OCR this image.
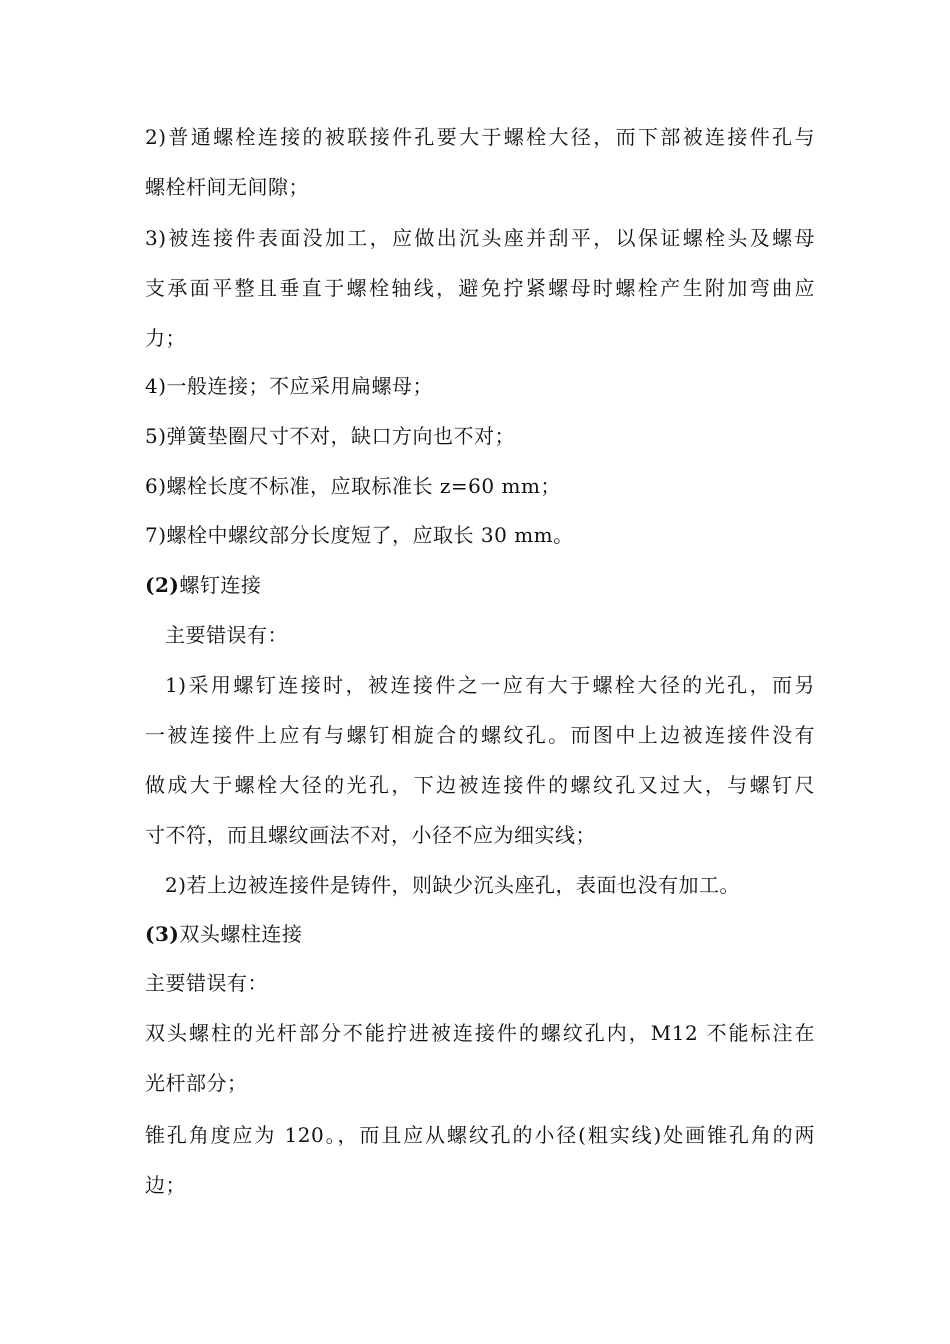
2)普通螺栓连接的被联接件孔要大于螺栓大径，而下部被连接件孔与
螺栓杆间无间隙；
3)被连接件表面没加工，应做出沉头座并刮平，以保证螺栓头及螺母
支承面平整且垂直于螺栓轴线，避免拧紧螺母时螺栓产生附加弯曲应
力；
4)一般连接；不应采用扁螺母；
5)弹簧垫圈尺寸不对，缺口方向也不对；
6)螺栓长度不标准，应取标准长 z=60 mm；
7)螺栓中螺纹部分长度短了，应取长 30 mm。
(2)螺钉连接
主要错误有：
1)采用螺钉连接时，被连接件之一应有大于螺栓大径的光孔，而另
一被连接件上应有与螺钉相旋合的螺纹孔。而图中上边被连接件没有
做成大于螺栓大径的光孔，下边被连接件的螺纹孔又过大，与螺钉尺
寸不符，而且螺纹画法不对，小径不应为细实线；
2)若上边被连接件是铸件，则缺少沉头座孔，表面也没有加工。
(3)双头螺柱连接
主要错误有：
双头螺柱的光杆部分不能拧进被连接件的螺纹孔内，M12 不能标注在
光杆部分；
锥孔角度应为 120。，而且应从螺纹孔的小径(粗实线)处画锥孔角的两
边；
